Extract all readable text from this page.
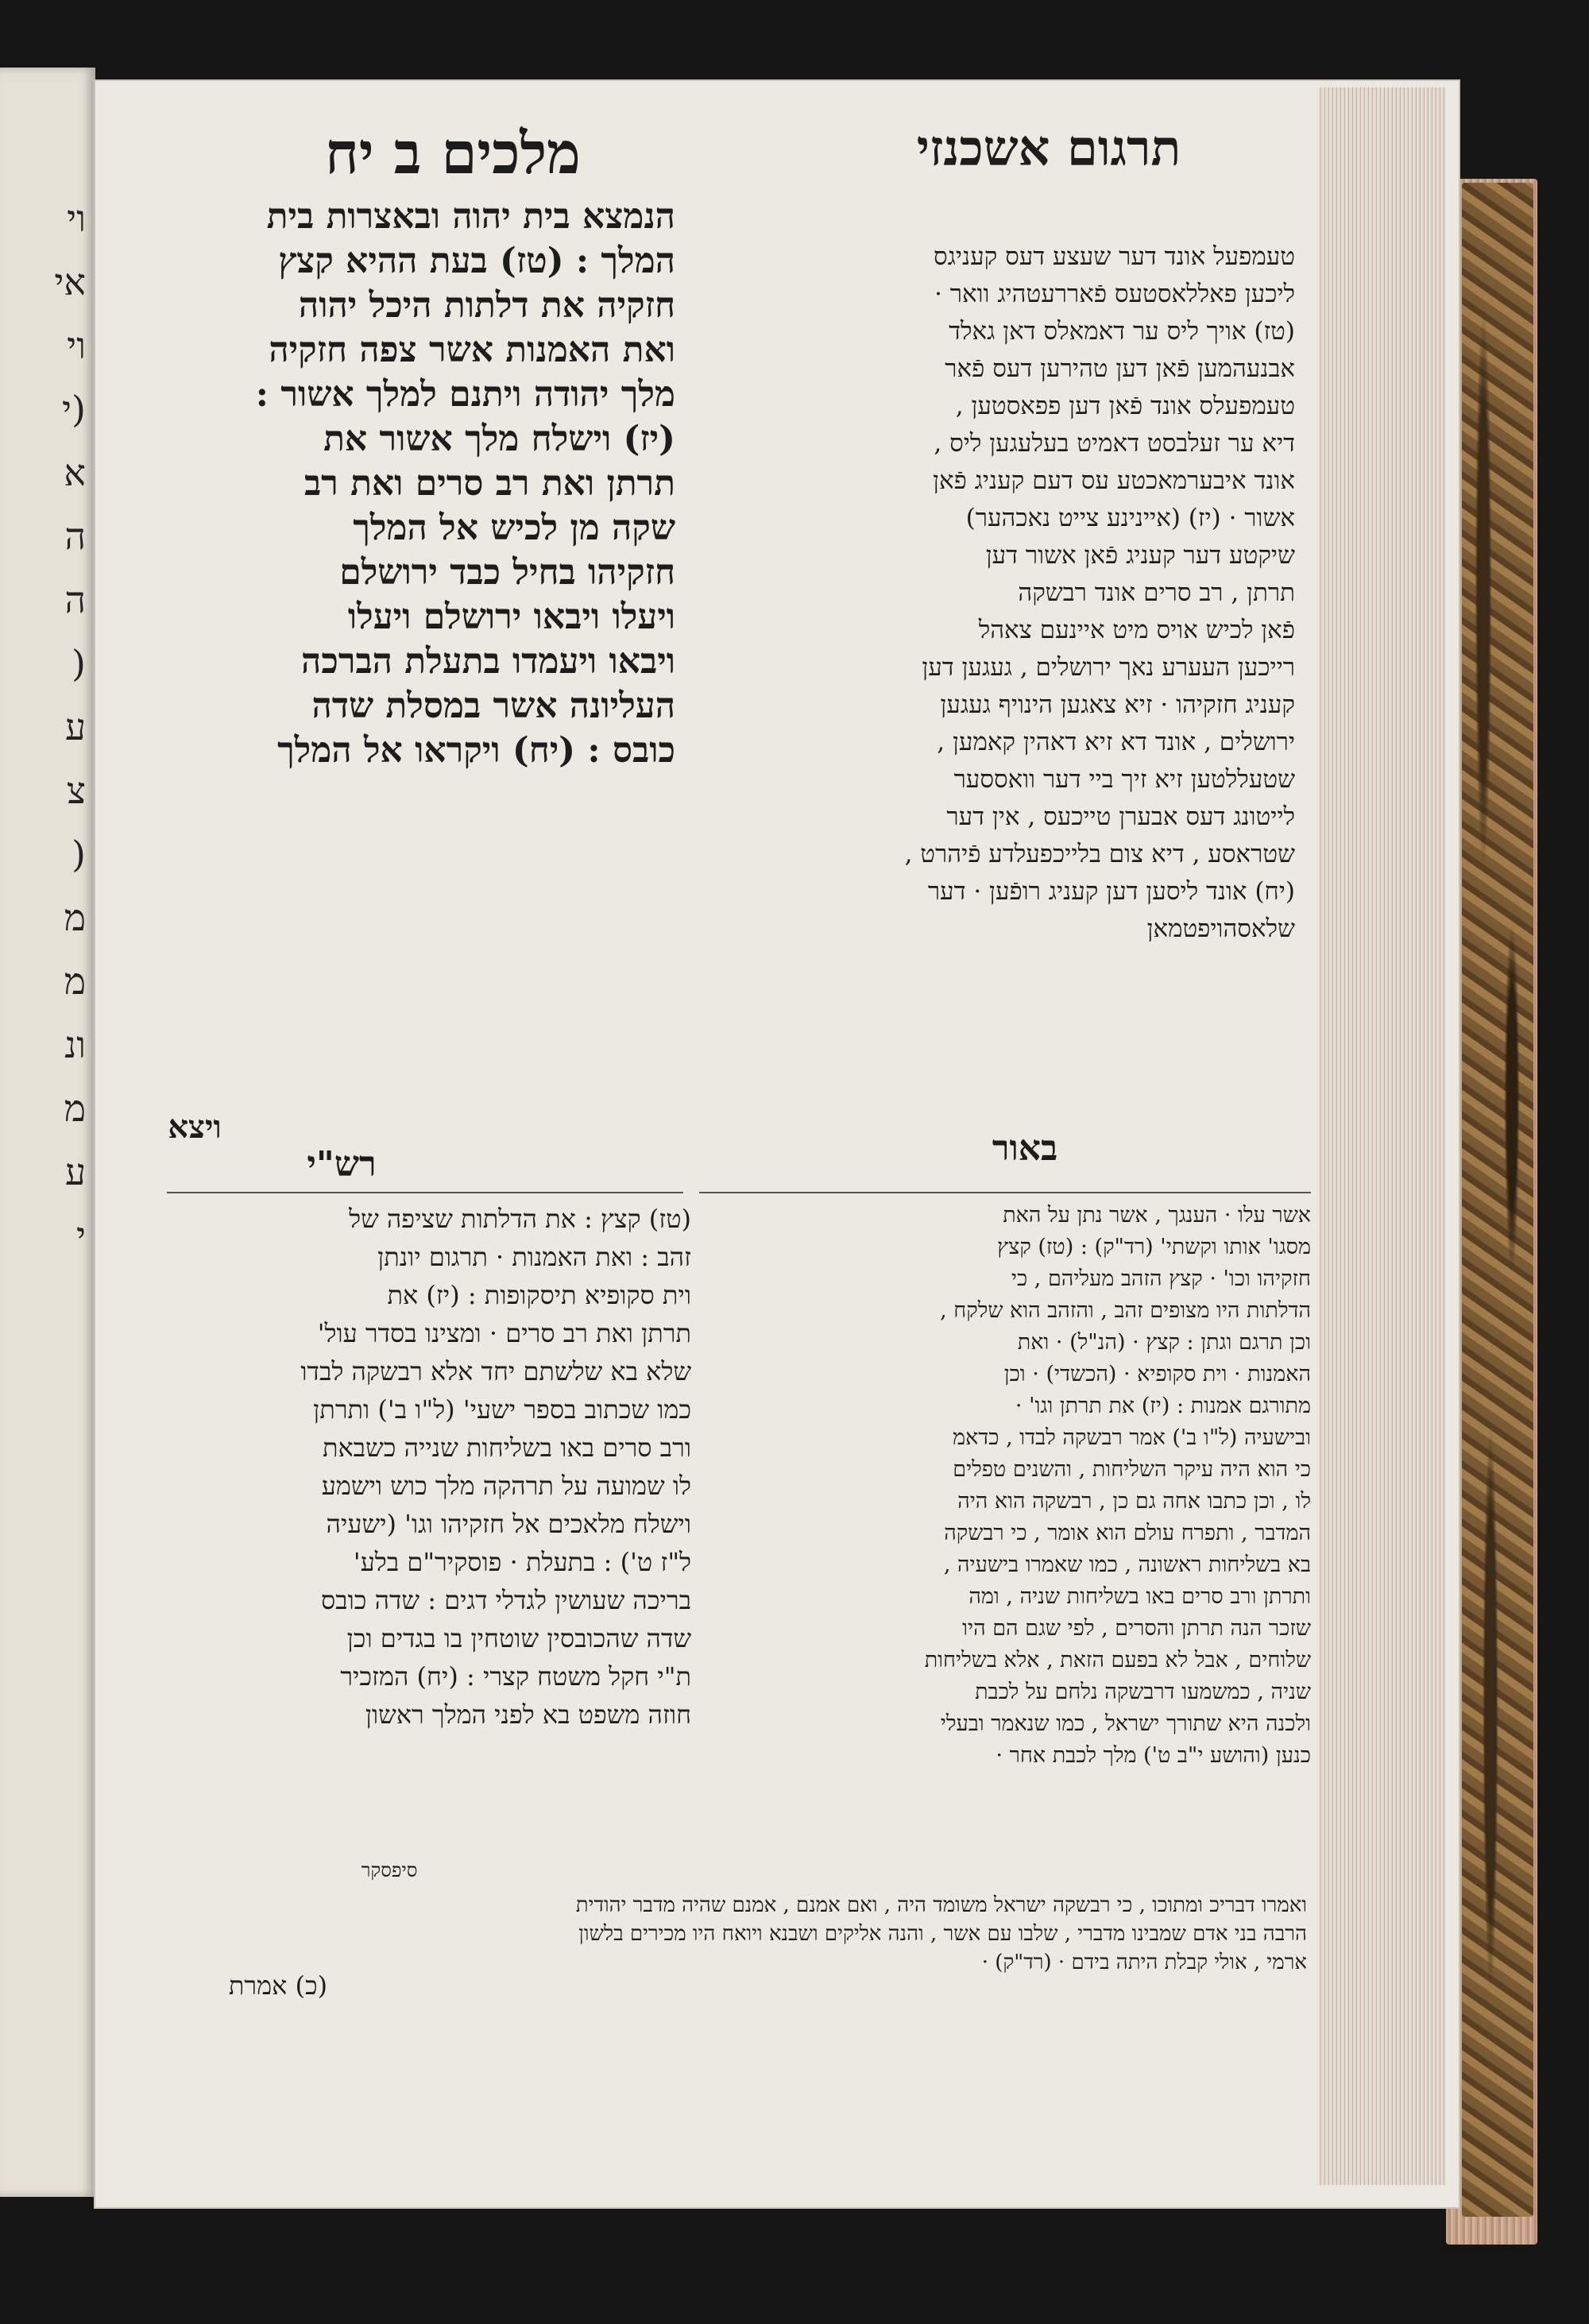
וי
אי
וי
(י
א
ה
ה
(
ע
צ
(
מ
מ
ונ
מ
ע
י
תרגום אשכנזי
מלכים ב יח
הנמצא בית יהוה ובאצרות בית
המלך : (טז) בעת ההיא קצץ
חזקיה את דלתות היכל יהוה
ואת האמנות אשר צפה חזקיה
מלך יהודה ויתנם למלך אשור :
(יז) וישלח מלך אשור את
תרתן ואת רב סרים ואת רב
שקה מן לכיש אל המלך
חזקיהו בחיל כבד ירושלם
ויעלו ויבאו ירושלם ויעלו
ויבאו ויעמדו בתעלת הברכה
העליונה אשר במסלת שדה
כובס : (יח) ויקראו אל המלך
טעמפעל אונד דער שעצע דעס קעניגס
ליכען פאללאסטעס פֿאררעטהיג וואר ·
(טז) אויך ליס ער דאמאלס דאן גאלד
אבנעהמען פֿאן דען טהירען דעס פֿאר
טעמפעלס אונד פֿאן דען פפאסטען ,
דיא ער זעלבסט דאמיט בעלעגען ליס ,
אונד איבערמאכטע עס דעם קעניג פֿאן
אשור · (יז) (איינינע צייט נאכהער)
שיקטע דער קעניג פֿאן אשור דען
תרתן , רב סרים אונד רבשקה
פֿאן לכיש אויס מיט איינעם צאהל
רייכען העערע נאך ירושלים , געגען דען
קעניג חזקיהו · זיא צאגען הינויף געגען
ירושלים , אונד דא זיא דאהין קאמען ,
שטעללטען זיא זיך ביי דער וואססער
לייטונג דעס אבערן טייכעס , אין דער
שטראסע , דיא צום בלייכפעלדע פֿיהרט ,
(יח) אונד ליסען דען קעניג רופֿען · דער
שלאסהויפטמאן
ויצא
רש"י	באור
(טז) קצץ : את הדלתות שציפה של
זהב : ואת האמנות · תרגום יונתן
וית סקופיא תיסקופות : (יז) את
תרתן ואת רב סרים · ומצינו בסדר עול'
שלא בא שלשתם יחד אלא רבשקה לבדו
כמו שכתוב בספר ישעי' (ל"ו ב') ותרתן
ורב סרים באו בשליחות שנייה כשבאת
לו שמועה על תרהקה מלך כוש וישמע
וישלח מלאכים אל חזקיהו וגו' (ישעיה
ל"ז ט') : בתעלת · פוסקיר"ם בלע'
בריכה שעושין לגדלי דגים : שדה כובס
שדה שהכובסין שוטחין בו בגדים וכן
ת"י חקל משטח קצרי : (יח) המזכיר
חוזה משפט בא לפני המלך ראשון
אשר עלו · הענגך , אשר נתן על האת
מסגו' אותו וקשתי' (רד"ק) : (טז) קצץ
חזקיהו וכו' · קצץ הזהב מעליהם , כי
הדלתות היו מצופים זהב , והזהב הוא שלקח ,
וכן תרגם וגתן : קצץ · (הנ"ל) · ואת
האמנות · וית סקופיא · (הכשדי) · וכן
מתורגם אמנות : (יז) את תרתן וגו' ·
ובישעיה (ל"ו ב') אמר רבשקה לבדו , כדאמ
כי הוא היה עיקר השליחות , והשנים טפלים
לו , וכן כתבו אחה גם כן , רבשקה הוא היה
המדבר , ותפרח עולם הוא אומר , כי רבשקה
בא בשליחות ראשונה , כמו שאמרו בישעיה ,
ותרתן ורב סרים באו בשליחות שניה , ומה
שזכר הנה תרתן והסרים , לפי שגם הם היו
שלוחים , אבל לא בפעם הזאת , אלא בשליחות
שניה , כמשמעו דרבשקה נלחם על לכבת
ולכנה היא שתורך ישראל , כמו שנאמר ובעלי
כנען (והושע י"ב ט') מלך לכבת אחר ·
סיפסקר
ואמרו דבריכ ומתוכו , כי רבשקה ישראל משומד היה , ואם אמנם , אמנם שהיה מדבר יהודית
הרבה בני אדם שמבינו מדברי , שלבו עם אשר , והנה אליקים ושבנא ויואח היו מכירים בלשון
ארמי , אולי קבלת היתה בידם · (רד"ק) ·
(כ) אמרת
